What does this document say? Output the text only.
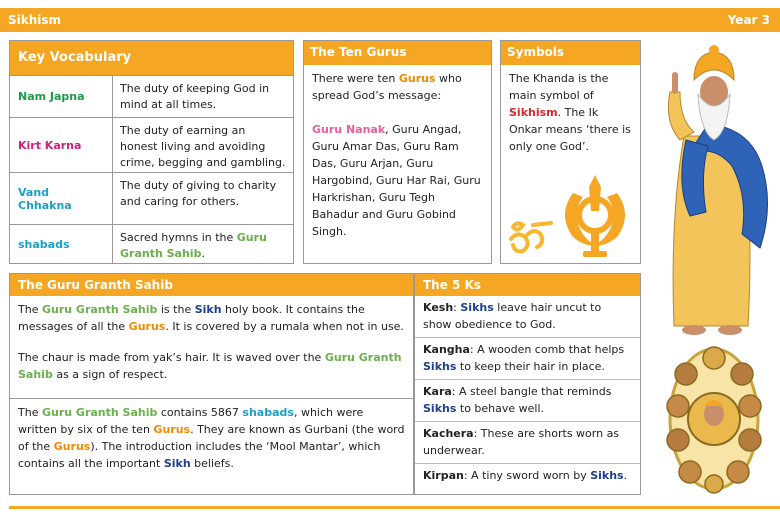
Sikhism	Year 3
Key Vocabulary
Nam Japna
The duty of keeping God in mind at all times.
Kirt Karna
The duty of earning an honest living and avoiding crime, begging and gambling.
Vand Chhakna
The duty of giving to charity and caring for others.
shabads
Sacred hymns in the Guru Granth Sahib.
The Ten Gurus

There were ten Gurus who spread God’s message:

Guru Nanak, Guru Angad, Guru Amar Das, Guru Ram Das, Guru Arjan, Guru Hargobind, Guru Har Rai, Guru Harkrishan, Guru Tegh Bahadur and Guru Gobind Singh.

Symbols
The Khanda is the main symbol of Sikhism. The Ik Onkar means ‘there is only one God’.
The Guru Granth Sahib
The Guru Granth Sahib is the Sikh holy book. It contains the messages of all the Gurus. It is covered by a rumala when not in use.
The chaur is made from yak’s hair. It is waved over the Guru Granth Sahib as a sign of respect.
The Guru Granth Sahib contains 5867 shabads, which were written by six of the ten Gurus. They are known as Gurbani (the word of the Gurus). The introduction includes the ‘Mool Mantar’, which contains all the important Sikh beliefs.
The 5 Ks
Kesh: Sikhs leave hair uncut to show obedience to God.
Kangha: A wooden comb that helps Sikhs to keep their hair in place.
Kara: A steel bangle that reminds Sikhs to behave well.
Kachera: These are shorts worn as underwear.
Kirpan: A tiny sword worn by Sikhs.
